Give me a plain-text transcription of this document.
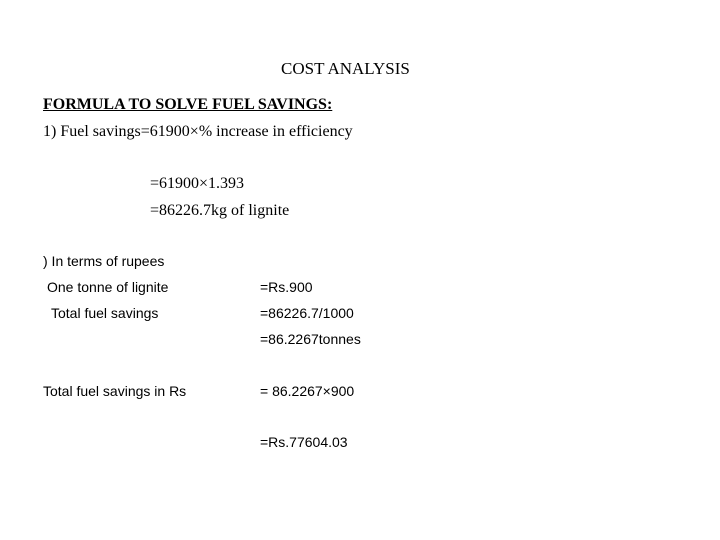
COST ANALYSIS
FORMULA TO SOLVE FUEL SAVINGS:
1) Fuel savings=61900×% increase in efficiency
=61900×1.393
=86226.7kg of lignite
) In terms of rupees
One tonne of lignite	=Rs.900
Total fuel savings	=86226.7/1000
=86.2267tonnes
Total fuel savings in Rs	= 86.2267×900
=Rs.77604.03
